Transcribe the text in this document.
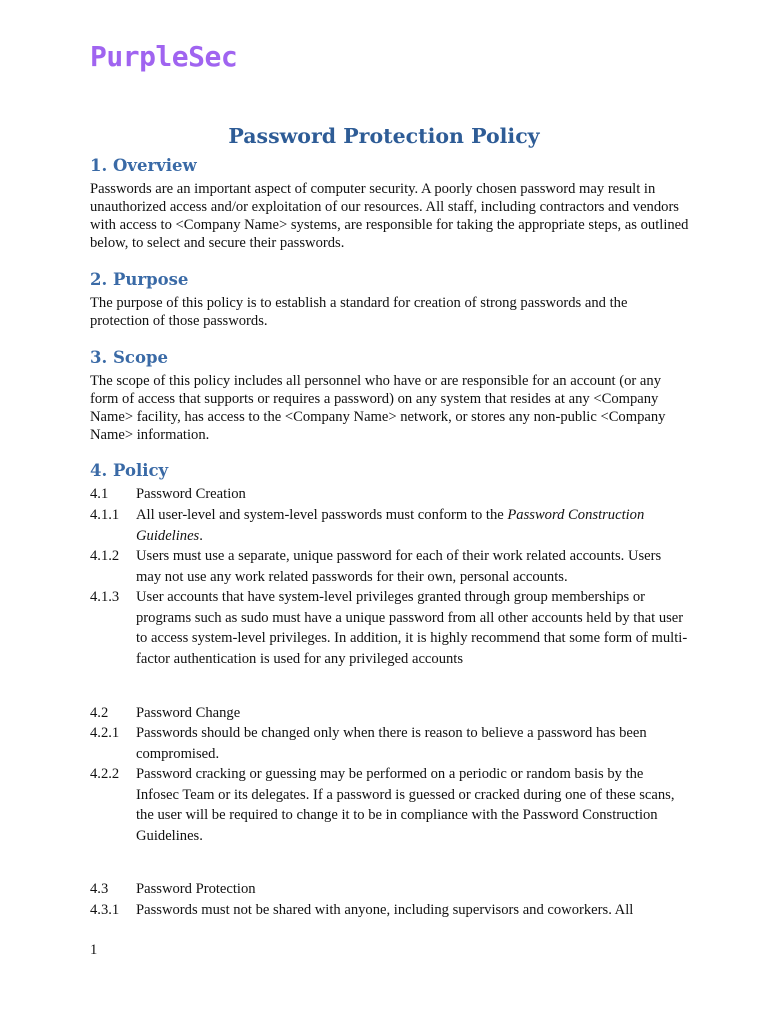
PurpleSec
Password Protection Policy
1. Overview
Passwords are an important aspect of computer security. A poorly chosen password may result in unauthorized access and/or exploitation of our resources. All staff, including contractors and vendors with access to <Company Name> systems, are responsible for taking the appropriate steps, as outlined below, to select and secure their passwords.
2. Purpose
The purpose of this policy is to establish a standard for creation of strong passwords and the protection of those passwords.
3. Scope
The scope of this policy includes all personnel who have or are responsible for an account (or any form of access that supports or requires a password) on any system that resides at any <Company Name> facility, has access to the <Company Name> network, or stores any non-public <Company Name> information.
4. Policy
4.1 Password Creation
4.1.1 All user-level and system-level passwords must conform to the Password Construction Guidelines.
4.1.2 Users must use a separate, unique password for each of their work related accounts. Users may not use any work related passwords for their own, personal accounts.
4.1.3 User accounts that have system-level privileges granted through group memberships or programs such as sudo must have a unique password from all other accounts held by that user to access system-level privileges. In addition, it is highly recommend that some form of multi-factor authentication is used for any privileged accounts
4.2 Password Change
4.2.1 Passwords should be changed only when there is reason to believe a password has been compromised.
4.2.2 Password cracking or guessing may be performed on a periodic or random basis by the Infosec Team or its delegates. If a password is guessed or cracked during one of these scans, the user will be required to change it to be in compliance with the Password Construction Guidelines.
4.3 Password Protection
4.3.1 Passwords must not be shared with anyone, including supervisors and coworkers. All
1
